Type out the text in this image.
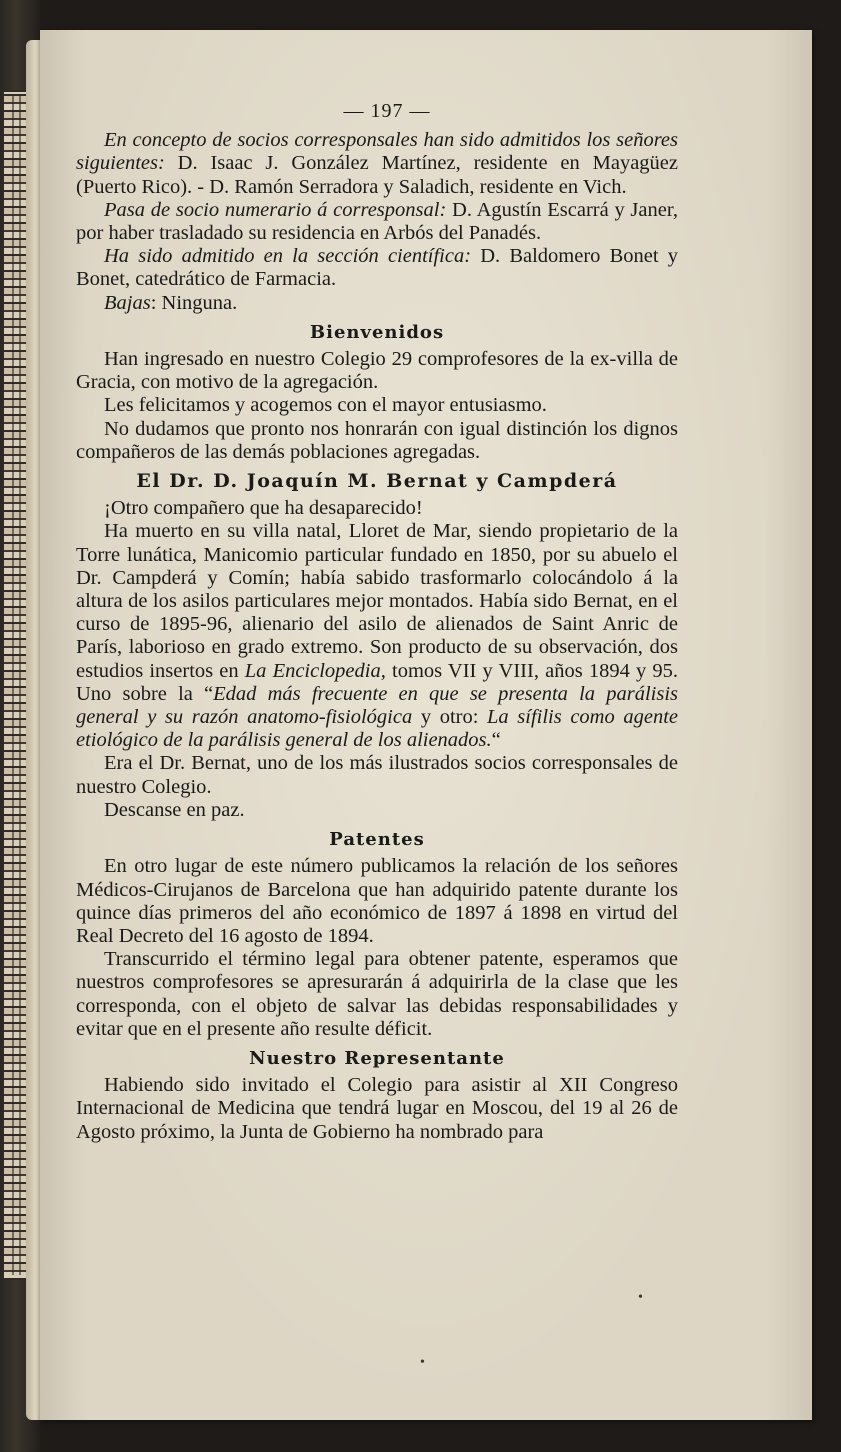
— 197 —

En concepto de socios corresponsales han sido admitidos los señores siguientes: D. Isaac J. González Martínez, residente en Mayagüez (Puerto Rico). - D. Ramón Serradora y Saladich, residente en Vich.

Pasa de socio numerario á corresponsal: D. Agustín Escarrá y Janer, por haber trasladado su residencia en Arbós del Panadés.

Ha sido admitido en la sección científica: D. Baldomero Bonet y Bonet, catedrático de Farmacia.

Bajas: Ninguna.

Bienvenidos

Han ingresado en nuestro Colegio 29 comprofesores de la ex-villa de Gracia, con motivo de la agregación.

Les felicitamos y acogemos con el mayor entusiasmo.

No dudamos que pronto nos honrarán con igual distinción los dignos compañeros de las demás poblaciones agregadas.

El Dr. D. Joaquín M. Bernat y Campderá

¡Otro compañero que ha desaparecido!

Ha muerto en su villa natal, Lloret de Mar, siendo propietario de la Torre lunática, Manicomio particular fundado en 1850, por su abuelo el Dr. Campderá y Comín; había sabido trasformarlo colocándolo á la altura de los asilos particulares mejor montados. Había sido Bernat, en el curso de 1895-96, alienario del asilo de alienados de Saint Anric de París, laborioso en grado extremo. Son producto de su observación, dos estudios insertos en La Enciclopedia, tomos VII y VIII, años 1894 y 95. Uno sobre la “Edad más frecuente en que se presenta la parálisis general y su razón anatomo-fisiológica y otro: La sífilis como agente etiológico de la parálisis general de los alienados.“

Era el Dr. Bernat, uno de los más ilustrados socios corresponsales de nuestro Colegio.

Descanse en paz.

Patentes

En otro lugar de este número publicamos la relación de los señores Médicos-Cirujanos de Barcelona que han adquirido patente durante los quince días primeros del año económico de 1897 á 1898 en virtud del Real Decreto del 16 agosto de 1894.

Transcurrido el término legal para obtener patente, esperamos que nuestros comprofesores se apresurarán á adquirirla de la clase que les corresponda, con el objeto de salvar las debidas responsabilidades y evitar que en el presente año resulte déficit.

Nuestro Representante

Habiendo sido invitado el Colegio para asistir al XII Congreso Internacional de Medicina que tendrá lugar en Moscou, del 19 al 26 de Agosto próximo, la Junta de Gobierno ha nombrado para

•
•
